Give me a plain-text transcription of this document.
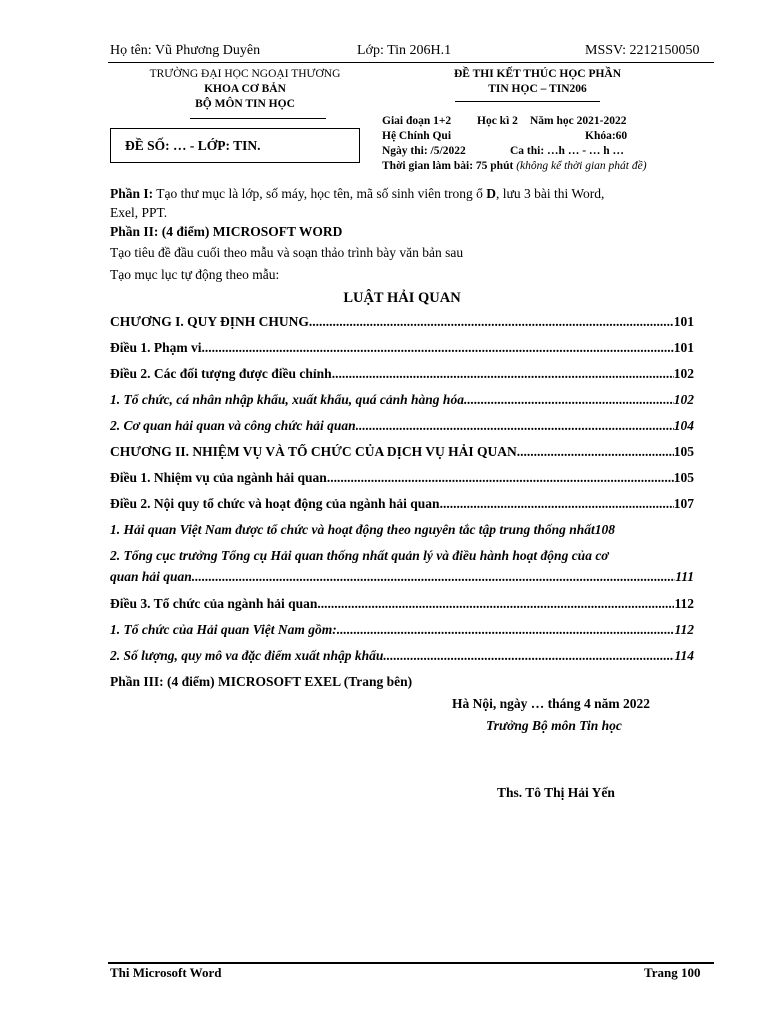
Họ tên: Vũ Phương Duyên	Lớp: Tin 206H.1	MSSV: 2212150050
TRƯỜNG ĐẠI HỌC NGOẠI THƯƠNG
KHOA CƠ BẢN
BỘ MÔN TIN HỌC
ĐỀ SỐ: … - LỚP: TIN.
ĐỀ THI KẾT THÚC HỌC PHẦN
TIN HỌC – TIN206
Giai đoạn 1+2 Học kì 2 Năm học 2021-2022
Hệ Chính Qui	Khóa:60
Ngày thi: /5/2022	Ca thi: …h … - … h …
Thời gian làm bài: 75 phút (không kể thời gian phát đề)
Phần I: Tạo thư mục là lớp, số máy, học tên, mã số sinh viên trong ổ D, lưu 3 bài thi Word,
Exel, PPT.
Phần II: (4 điểm) MICROSOFT WORD
Tạo tiêu đề đầu cuối theo mẫu và soạn thảo trình bày văn bản sau
Tạo mục lục tự động theo mẫu:
LUẬT HẢI QUAN
CHƯƠNG I. QUY ĐỊNH CHUNG .....	101
Điều 1. Phạm vi .....	101
Điều 2. Các đối tượng được điều chỉnh .....	102
1. Tổ chức, cá nhân nhập khẩu, xuất khẩu, quá cảnh hàng hóa .....	102
2. Cơ quan hải quan và công chức hải quan .....	104
CHƯƠNG II. NHIỆM VỤ VÀ TỔ CHỨC CỦA DỊCH VỤ HẢI QUAN .....	105
Điều 1. Nhiệm vụ của ngành hải quan .....	105
Điều 2. Nội quy tổ chức và hoạt động của ngành hải quan .....	107
1. Hải quan Việt Nam được tổ chức và hoạt động theo nguyên tắc tập trung thống nhất 108
2. Tổng cục trưởng Tổng cụ Hải quan thống nhất quản lý và điều hành hoạt động của cơ
quan hải quan .....	111
Điều 3. Tổ chức của ngành hải quan .....	112
1. Tổ chức của Hải quan Việt Nam gồm: .....	112
2. Số lượng, quy mô va đặc điểm xuất nhập khẩu .....	114
Phần III: (4 điểm) MICROSOFT EXEL (Trang bên)
Hà Nội, ngày … tháng 4 năm 2022
Trưởng Bộ môn Tin học
Ths. Tô Thị Hải Yến
Thi Microsoft Word	Trang 100
